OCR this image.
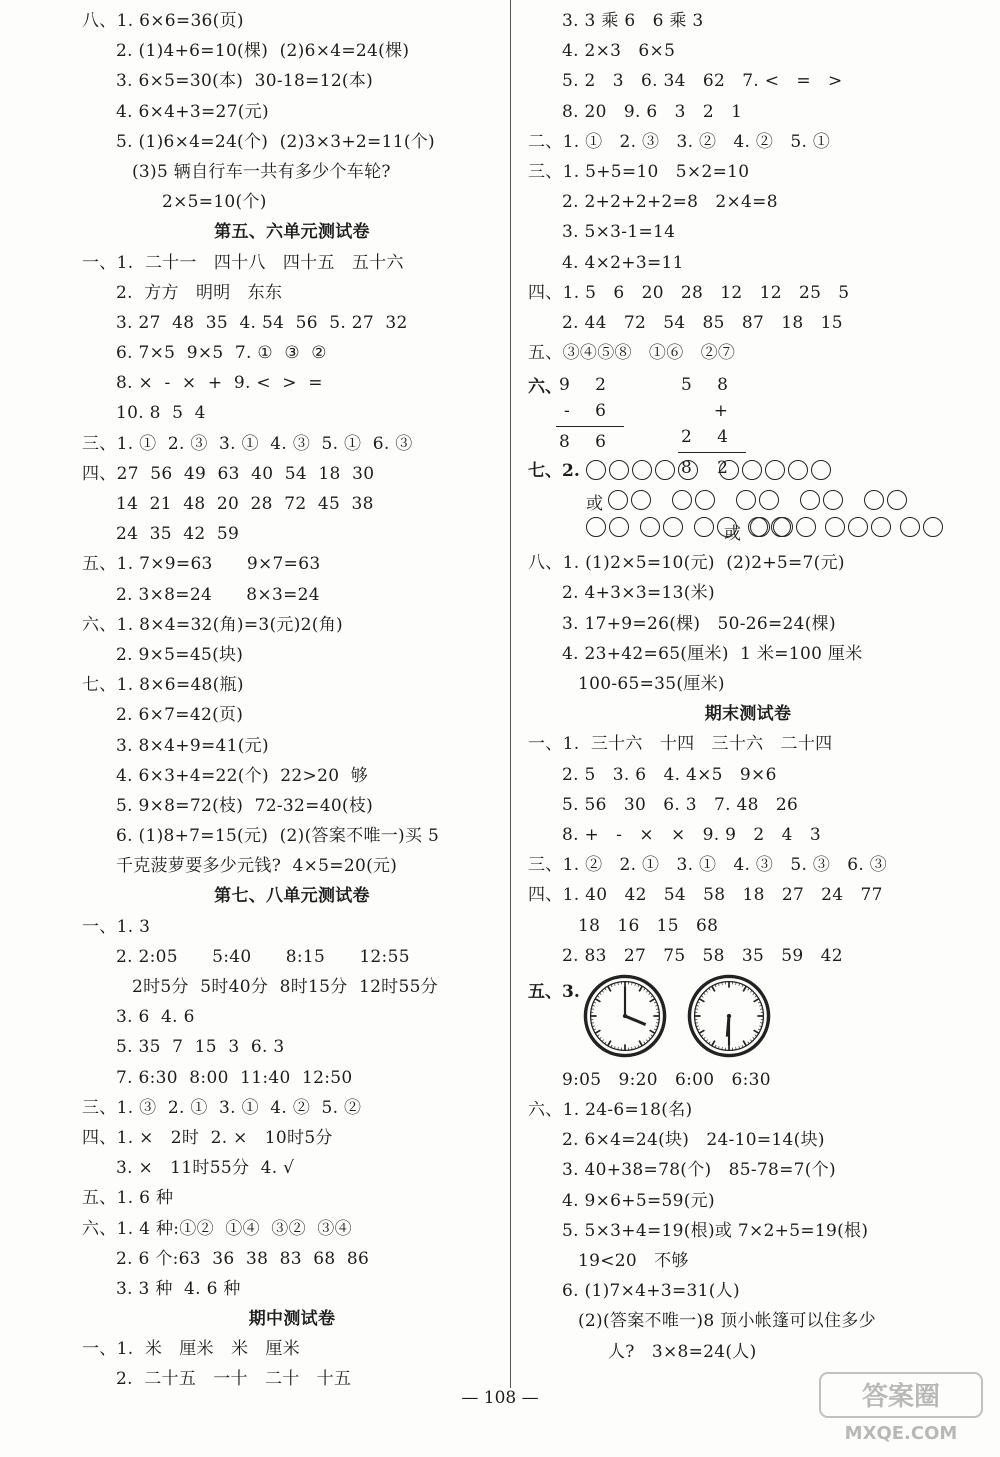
八、1. 6×6=36(页)
2. (1)4+6=10(棵)  (2)6×4=24(棵)
3. 6×5=30(本)  30-18=12(本)
4. 6×4+3=27(元)
5. (1)6×4=24(个)  (2)3×3+2=11(个)
(3)5 辆自行车一共有多少个车轮?
2×5=10(个)
第五、六单元测试卷
一、1.  二十一   四十八   四十五   五十六
2.  方方   明明   东东
3. 27  48  35  4. 54  56  5. 27  32
6. 7×5  9×5  7. ①  ③  ②
8. ×  -  ×  +  9. <  >  =
10. 8  5  4
三、1. ①  2. ③  3. ①  4. ③  5. ①  6. ③
四、27  56  49  63  40  54  18  30
14  21  48  20  28  72  45  38
24  35  42  59
五、1. 7×9=63      9×7=63
2. 3×8=24      8×3=24
六、1. 8×4=32(角)=3(元)2(角)
2. 9×5=45(块)
七、1. 8×6=48(瓶)
2. 6×7=42(页)
3. 8×4+9=41(元)
4. 6×3+4=22(个)  22>20  够
5. 9×8=72(枝)  72-32=40(枝)
6. (1)8+7=15(元)  (2)(答案不唯一)买 5
千克菠萝要多少元钱?  4×5=20(元)
第七、八单元测试卷
一、1. 3
2. 2:05      5:40      8:15      12:55
2时5分  5时40分  8时15分  12时55分
3. 6  4. 6
5. 35  7  15  3  6. 3
7. 6:30  8:00  11:40  12:50
三、1. ③  2. ①  3. ①  4. ②  5. ②
四、1. ×   2时  2. ×   10时5分
3. ×   11时55分  4. √
五、1. 6 种
六、1. 4 种:①②  ①④  ③②  ③④
2. 6 个:63  36  38  83  68  86
3. 3 种  4. 6 种
期中测试卷
一、1.  米   厘米   米   厘米
2.  二十五   一十   二十   十五
3. 3 乘 6   6 乘 3
4. 2×3   6×5
5. 2   3   6. 34   62   7. <   =   >
8. 20   9. 6   3   2   1
二、1. ①   2. ③   3. ②   4. ②   5. ①
三、1. 5+5=10   5×2=10
2. 2+2+2+2=8   2×4=8
3. 5×3-1=14
4. 4×2+3=11
四、1. 5   6   20   28   12   12   25   5
2. 44   72   54   85   87   18   15
五、③④⑤⑧   ①⑥   ②⑦
六、
9 2
- 6
8 6
5 8
+ 2 4
8 2
七、2.
或
或
八、1. (1)2×5=10(元)  (2)2+5=7(元)
2. 4+3×3=13(米)
3. 17+9=26(棵)   50-26=24(棵)
4. 23+42=65(厘米)  1 米=100 厘米
100-65=35(厘米)
期末测试卷
一、1.  三十六   十四   三十六   二十四
2. 5   3. 6   4. 4×5   9×6
5. 56   30   6. 3   7. 48   26
8. +   -   ×   ×   9. 9   2   4   3
三、1. ②   2. ①   3. ①   4. ③   5. ③   6. ③
四、1. 40   42   54   58   18   27   24   77
18   16   15   68
2. 83   27   75   58   35   59   42
五、3.
9:05   9:20   6:00   6:30
六、1. 24-6=18(名)
2. 6×4=24(块)   24-10=14(块)
3. 40+38=78(个)   85-78=7(个)
4. 9×6+5=59(元)
5. 5×3+4=19(根)或 7×2+5=19(根)
19<20   不够
6. (1)7×4+3=31(人)
(2)(答案不唯一)8 顶小帐篷可以住多少
人?   3×8=24(人)
— 108 —	答案圈
MXQE.COM
